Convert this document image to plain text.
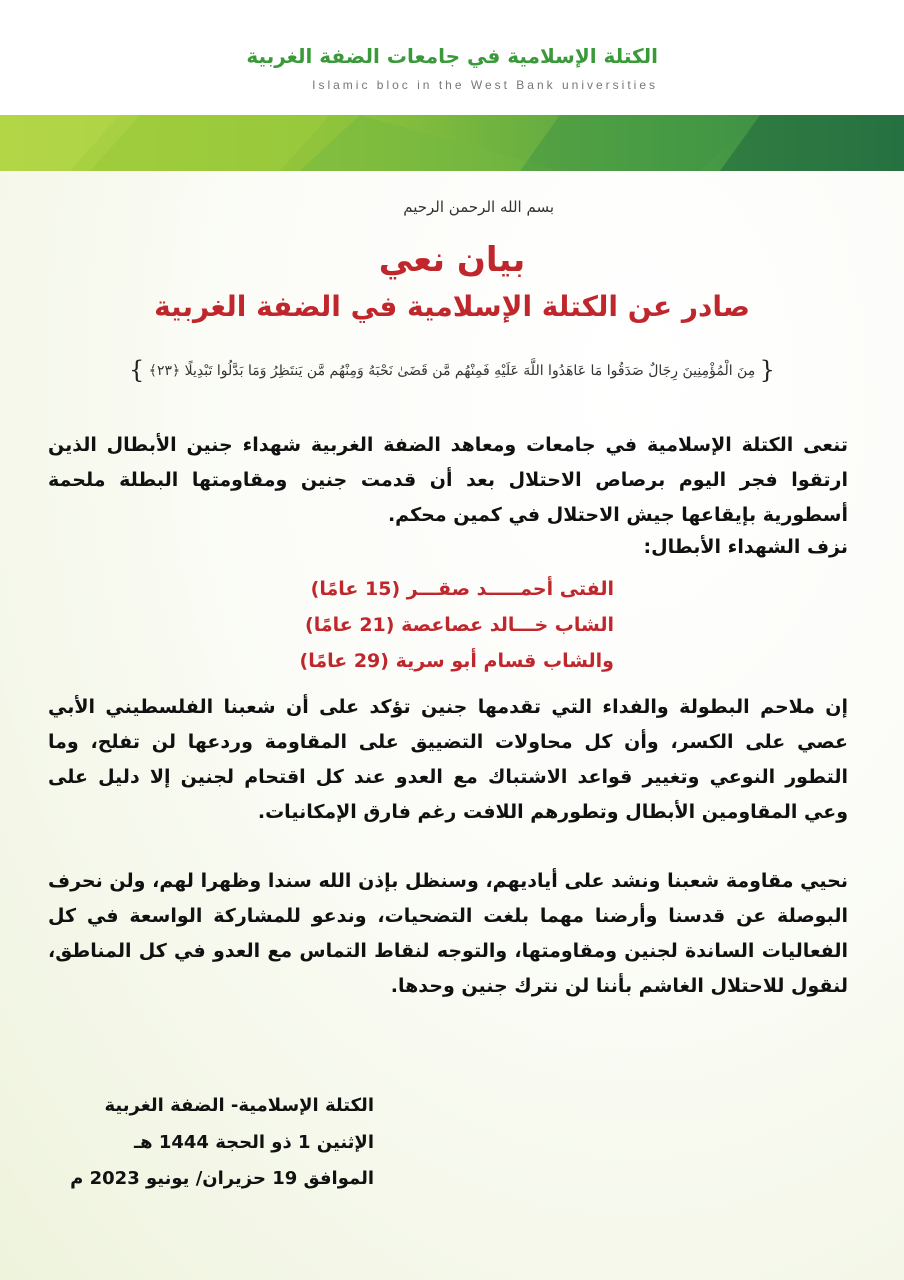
الكتلة الإسلامية في جامعات الضفة الغربية
Islamic bloc in the West Bank universities
بسم الله الرحمن الرحيم
بيان نعي
صادر عن الكتلة الإسلامية في الضفة الغربية
{ مِنَ الْمُؤْمِنِينَ رِجَالٌ صَدَقُوا مَا عَاهَدُوا اللَّهَ عَلَيْهِ فَمِنْهُم مَّن قَضَىٰ نَحْبَهُ وَمِنْهُم مَّن يَنتَظِرُ وَمَا بَدَّلُوا تَبْدِيلًا ﴿٢٣﴾ }
تنعى الكتلة الإسلامية في جامعات ومعاهد الضفة الغربية شهداء جنين الأبطال الذين ارتقوا فجر اليوم برصاص الاحتلال بعد أن قدمت جنين ومقاومتها البطلة ملحمة أسطورية بإيقاعها جيش الاحتلال في كمين محكم.
نزف الشهداء الأبطال:
الفتى أحمـــــد صقـــر (15 عامًا)
الشاب خـــالد عصاعصة (21 عامًا)
والشاب قسام أبو سرية (29 عامًا)
إن ملاحم البطولة والفداء التي تقدمها جنين تؤكد على أن شعبنا الفلسطيني الأبي عصي على الكسر، وأن كل محاولات التضييق على المقاومة وردعها لن تفلح، وما التطور النوعي وتغيير قواعد الاشتباك مع العدو عند كل اقتحام لجنين إلا دليل على وعي المقاومين الأبطال وتطورهم اللافت رغم فارق الإمكانيات.
نحيي مقاومة شعبنا ونشد على أياديهم، وسنظل بإذن الله سندا وظهرا لهم، ولن نحرف البوصلة عن قدسنا وأرضنا مهما بلغت التضحيات، وندعو للمشاركة الواسعة في كل الفعاليات الساندة لجنين ومقاومتها، والتوجه لنقاط التماس مع العدو في كل المناطق، لنقول للاحتلال الغاشم بأننا لن نترك جنين وحدها.
الكتلة الإسلامية- الضفة الغربية
الإثنين 1 ذو الحجة 1444 هـ
الموافق 19 حزيران/ يونيو 2023 م
